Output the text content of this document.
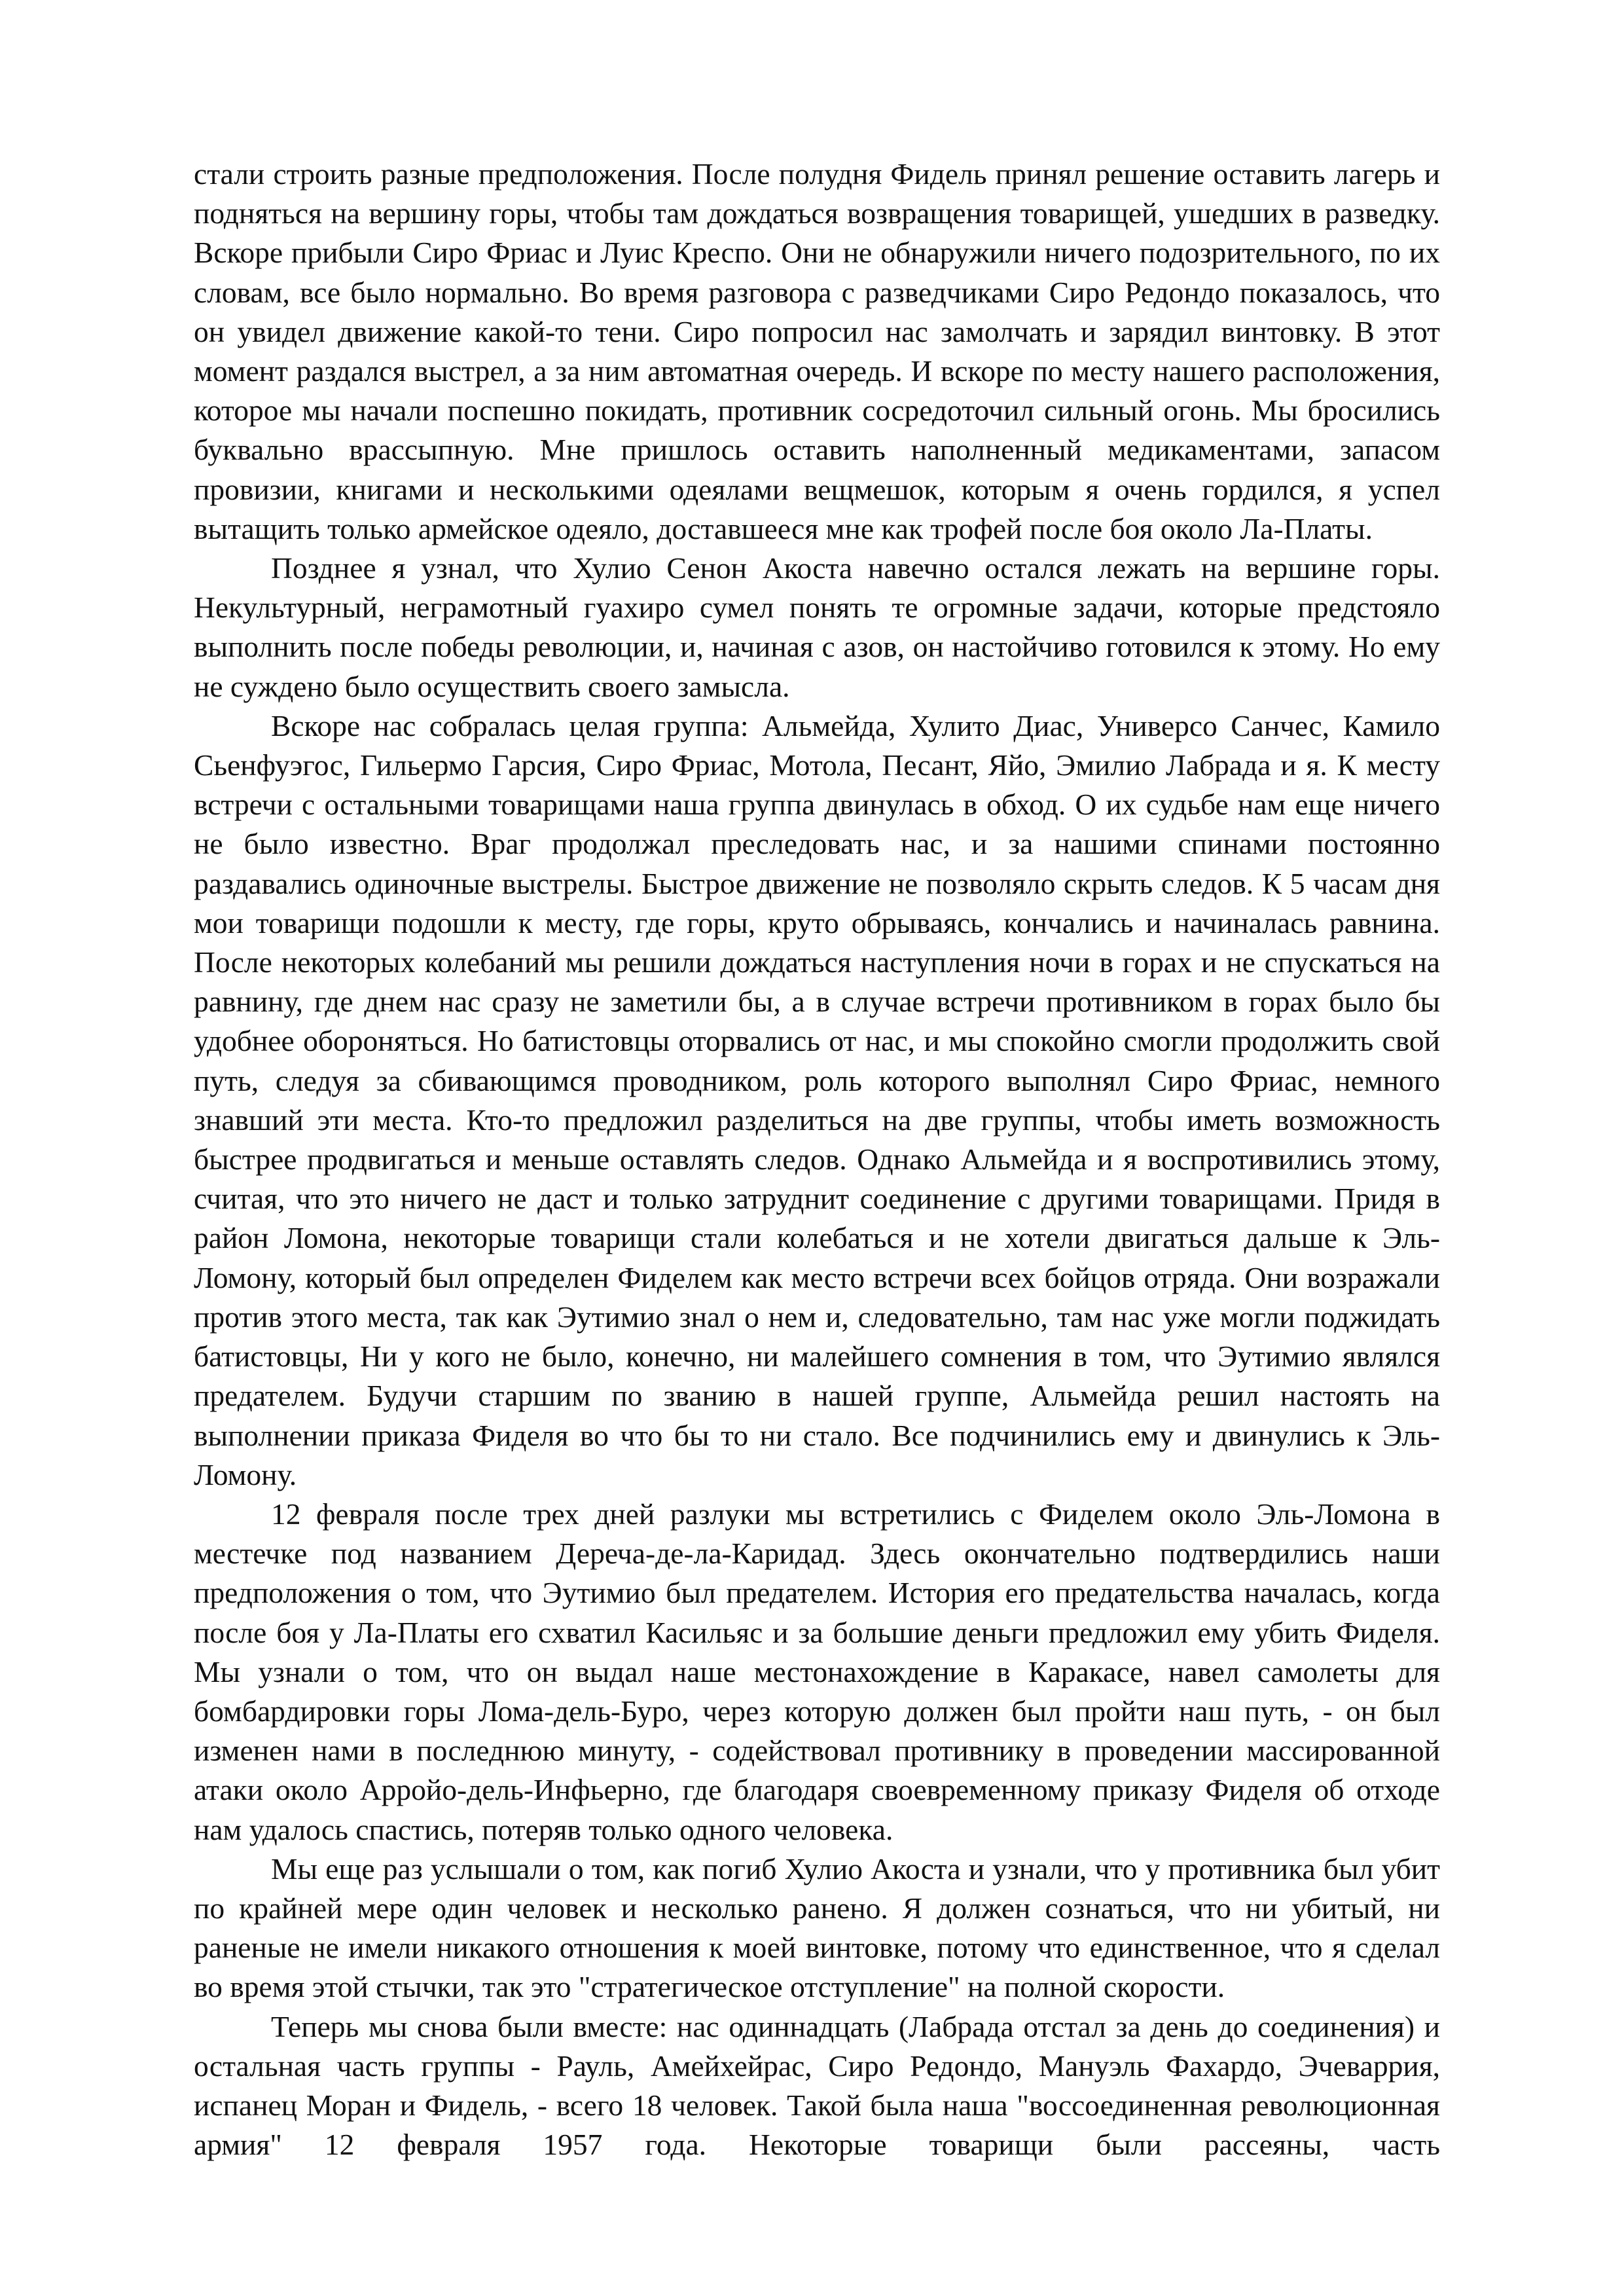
стали строить разные предположения. После полудня Фидель принял решение оставить лагерь и подняться на вершину горы, чтобы там дождаться возвращения товарищей, ушедших в разведку. Вскоре прибыли Сиро Фриас и Луис Креспо. Они не обнаружили ничего подозрительного, по их словам, все было нормально. Во время разговора с разведчиками Сиро Редондо показалось, что он увидел движение какой-то тени. Сиро попросил нас замолчать и зарядил винтовку. В этот момент раздался выстрел, а за ним автоматная очередь. И вскоре по месту нашего расположения, которое мы начали поспешно покидать, противник сосредоточил сильный огонь. Мы бросились буквально врассыпную. Мне пришлось оставить наполненный медикаментами, запасом провизии, книгами и несколькими одеялами вещмешок, которым я очень гордился, я успел вытащить только армейское одеяло, доставшееся мне как трофей после боя около Ла-Платы.

Позднее я узнал, что Хулио Сенон Акоста навечно остался лежать на вершине горы. Некультурный, неграмотный гуахиро сумел понять те огромные задачи, которые предстояло выполнить после победы революции, и, начиная с азов, он настойчиво готовился к этому. Но ему не суждено было осуществить своего замысла.

Вскоре нас собралась целая группа: Альмейда, Хулито Диас, Универсо Санчес, Камило Сьенфуэгос, Гильермо Гарсия, Сиро Фриас, Мотола, Песант, Яйо, Эмилио Лабрада и я. К месту встречи с остальными товарищами наша группа двинулась в обход. О их судьбе нам еще ничего не было известно. Враг продолжал преследовать нас, и за нашими спинами постоянно раздавались одиночные выстрелы. Быстрое движение не позволяло скрыть следов. К 5 часам дня мои товарищи подошли к месту, где горы, круто обрываясь, кончались и начиналась равнина. После некоторых колебаний мы решили дождаться наступления ночи в горах и не спускаться на равнину, где днем нас сразу не заметили бы, а в случае встречи противником в горах было бы удобнее обороняться. Но батистовцы оторвались от нас, и мы спокойно смогли продолжить свой путь, следуя за сбивающимся проводником, роль которого выполнял Сиро Фриас, немного знавший эти места. Кто-то предложил разделиться на две группы, чтобы иметь возможность быстрее продвигаться и меньше оставлять следов. Однако Альмейда и я воспротивились этому, считая, что это ничего не даст и только затруднит соединение с другими товарищами. Придя в район Ломона, некоторые товарищи стали колебаться и не хотели двигаться дальше к Эль-Ломону, который был определен Фиделем как место встречи всех бойцов отряда. Они возражали против этого места, так как Эутимио знал о нем и, следовательно, там нас уже могли поджидать батистовцы, Ни у кого не было, конечно, ни малейшего сомнения в том, что Эутимио являлся предателем. Будучи старшим по званию в нашей группе, Альмейда решил настоять на выполнении приказа Фиделя во что бы то ни стало. Все подчинились ему и двинулись к Эль-Ломону.

12 февраля после трех дней разлуки мы встретились с Фиделем около Эль-Ломона в местечке под названием Дереча-де-ла-Каридад. Здесь окончательно подтвердились наши предположения о том, что Эутимио был предателем. История его предательства началась, когда после боя у Ла-Платы его схватил Касильяс и за большие деньги предложил ему убить Фиделя. Мы узнали о том, что он выдал наше местонахождение в Каракасе, навел самолеты для бомбардировки горы Лома-дель-Буро, через которую должен был пройти наш путь, - он был изменен нами в последнюю минуту, - содействовал противнику в проведении массированной атаки около Арройо-дель-Инфьерно, где благодаря своевременному приказу Фиделя об отходе нам удалось спастись, потеряв только одного человека.

Мы еще раз услышали о том, как погиб Хулио Акоста и узнали, что у противника был убит по крайней мере один человек и несколько ранено. Я должен сознаться, что ни убитый, ни раненые не имели никакого отношения к моей винтовке, потому что единственное, что я сделал во время этой стычки, так это "стратегическое отступление" на полной скорости.

Теперь мы снова были вместе: нас одиннадцать (Лабрада отстал за день до соединения) и остальная часть группы - Рауль, Амейхейрас, Сиро Редондо, Мануэль Фахардо, Эчеваррия, испанец Моран и Фидель, - всего 18 человек. Такой была наша "воссоединенная революционная армия" 12 февраля 1957 года. Некоторые товарищи были рассеяны, часть
